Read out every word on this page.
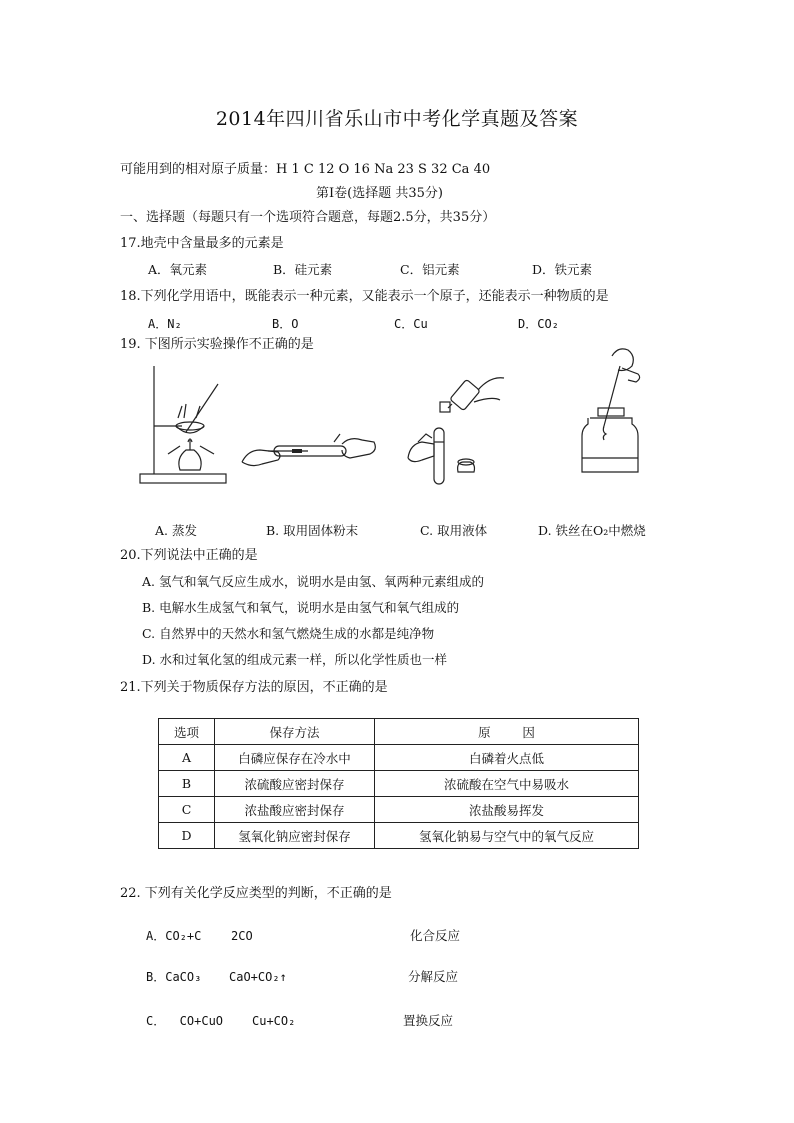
2014年四川省乐山市中考化学真题及答案
可能用到的相对原子质量：H 1 C 12 O 16 Na 23 S 32 Ca 40
第Ⅰ卷(选择题 共35分)
一、选择题（每题只有一个选项符合题意，每题2.5分，共35分）
17.地壳中含量最多的元素是
A．氧元素	B．硅元素	C．铝元素	D．铁元素
18.下列化学用语中，既能表示一种元素，又能表示一个原子，还能表示一种物质的是
A．N₂	B．O	C．Cu	D．CO₂
19. 下图所示实验操作不正确的是
A. 蒸发	B. 取用固体粉末	C. 取用液体	D. 铁丝在O₂中燃烧
20.下列说法中正确的是
A. 氢气和氧气反应生成水，说明水是由氢、氧两种元素组成的
B. 电解水生成氢气和氧气，说明水是由氢气和氧气组成的
C. 自然界中的天然水和氢气燃烧生成的水都是纯净物
D. 水和过氧化氢的组成元素一样，所以化学性质也一样
21.下列关于物质保存方法的原因，不正确的是
选项	保存方法	原        因
A	白磷应保存在冷水中	白磷着火点低
B	浓硫酸应密封保存	浓硫酸在空气中易吸水
C	浓盐酸应密封保存	浓盐酸易挥发
D	氢氧化钠应密封保存	氢氧化钠易与空气中的氧气反应
22. 下列有关化学反应类型的判断，不正确的是
A．CO₂+C 2CO	化合反应
B．CaCO₃ CaO+CO₂↑	分解反应
C．  CO+CuO Cu+CO₂	置换反应
